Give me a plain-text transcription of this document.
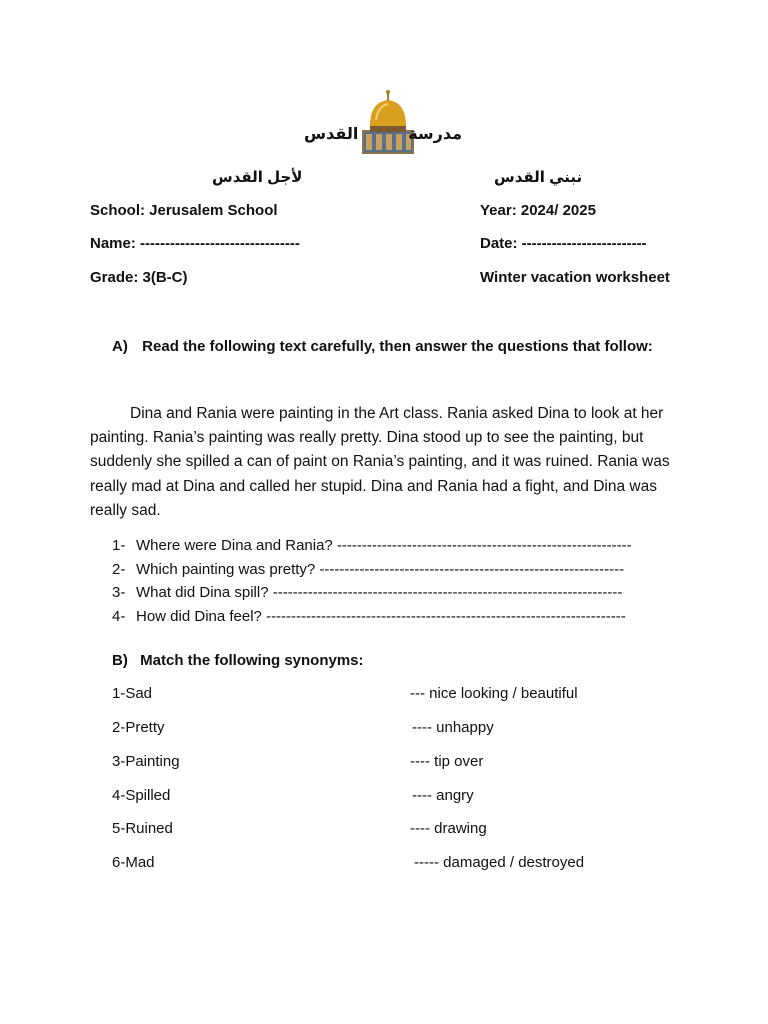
القدس	مدرسة
لأجل القدس	نبني القدس
School: Jerusalem School	Year: 2024/ 2025
Name: --------------------------------	Date: -------------------------
Grade: 3(B-C)	Winter vacation worksheet
A) Read the following text carefully, then answer the questions that follow:
Dina and Rania were painting in the Art class. Rania asked Dina to look at her painting. Rania’s painting was really pretty. Dina stood up to see the painting, but suddenly she spilled a can of paint on Rania’s painting, and it was ruined. Rania was really mad at Dina and called her stupid. Dina and Rania had a fight, and Dina was really sad.
1- Where were Dina and Rania? -----------------------------------------------------------
2- Which painting was pretty? -------------------------------------------------------------
3- What did Dina spill? ----------------------------------------------------------------------
4- How did Dina feel? ------------------------------------------------------------------------
B) Match the following synonyms:
1-Sad	--- nice looking / beautiful
2-Pretty	---- unhappy
3-Painting	---- tip over
4-Spilled	---- angry
5-Ruined	---- drawing
6-Mad	----- damaged / destroyed
